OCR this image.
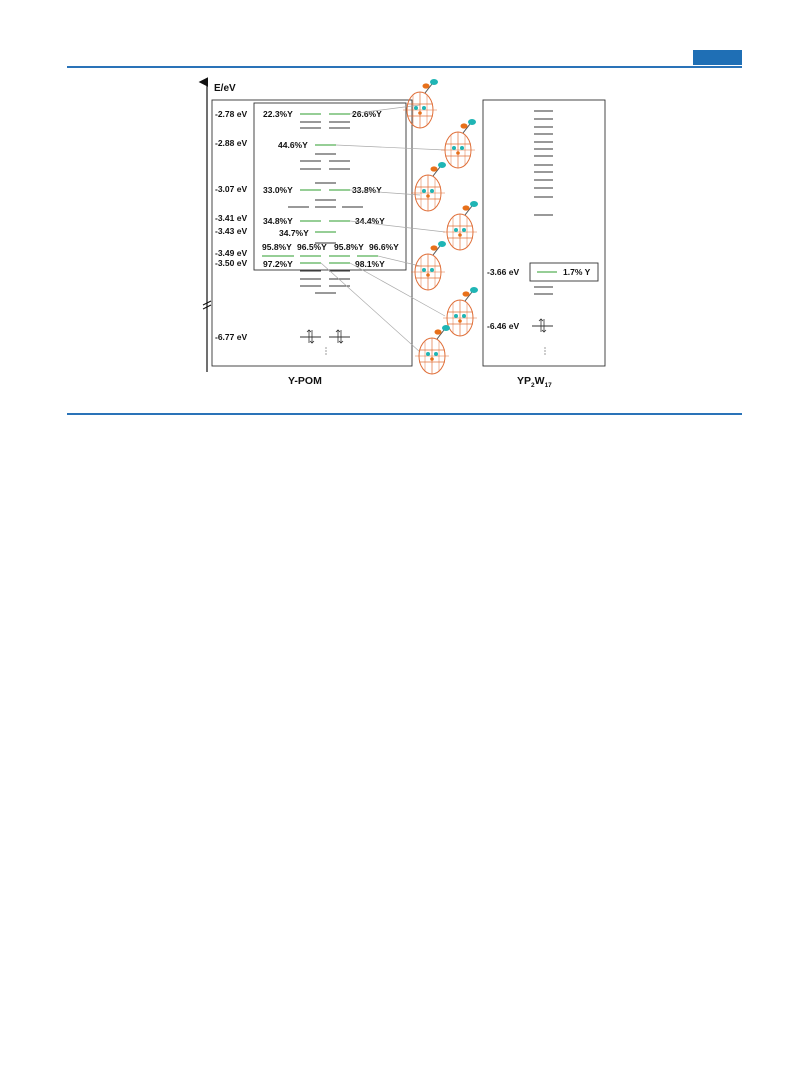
E/eV
-2.78 eV
-2.88 eV
-3.07 eV
-3.41 eV
-3.43 eV
-3.49 eV
-3.50 eV
-6.77 eV
22.3%Y	26.6%Y
44.6%Y
33.0%Y	33.8%Y
34.8%Y	34.4%Y
34.7%Y
95.8%Y 96.5%Y 95.8%Y 96.6%Y
97.2%Y	98.1%Y
Y-POM
1.7% Y
-3.66 eV
-6.46 eV
$YP_2W_{17}$
